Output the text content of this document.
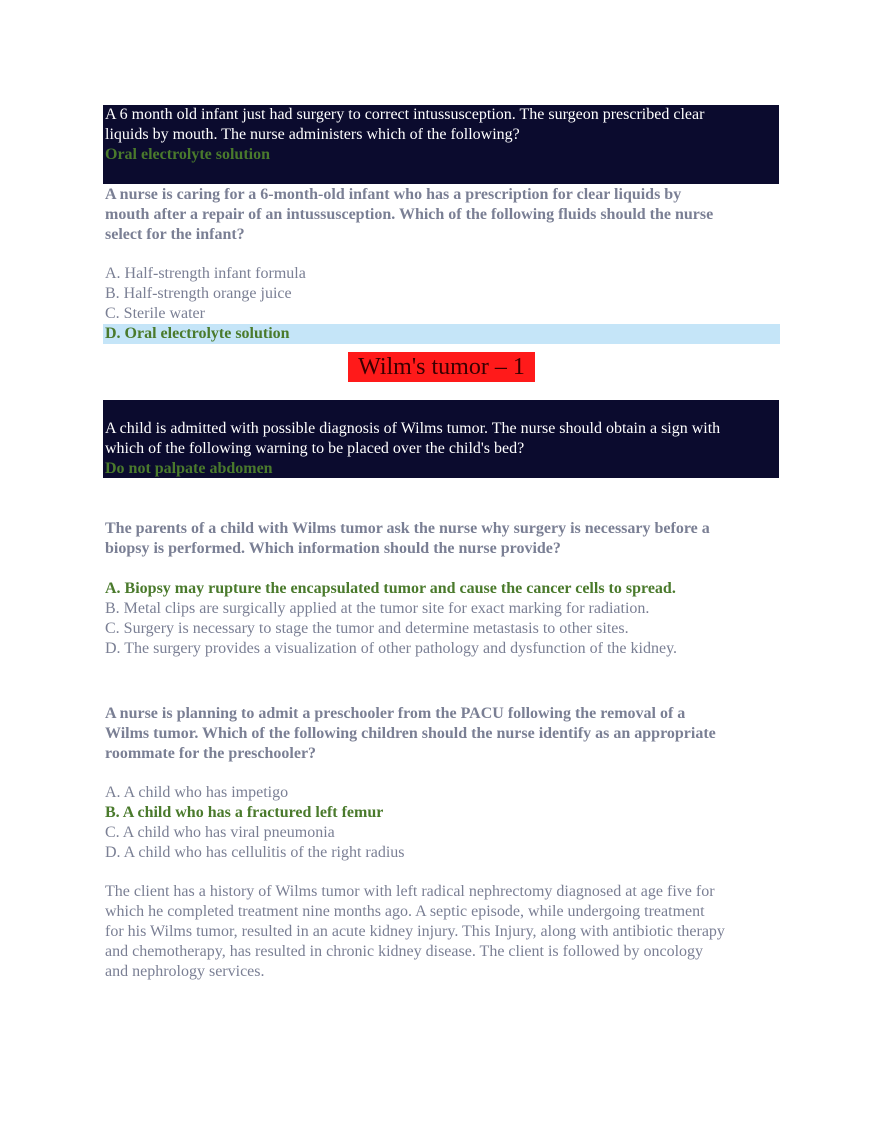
A 6 month old infant just had surgery to correct intussusception. The surgeon prescribed clear
liquids by mouth. The nurse administers which of the following?
Oral electrolyte solution
A nurse is caring for a 6-month-old infant who has a prescription for clear liquids by
mouth after a repair of an intussusception. Which of the following fluids should the nurse
select for the infant?
A. Half-strength infant formula
B. Half-strength orange juice
C. Sterile water
D. Oral electrolyte solution
Wilm's tumor – 1
A child is admitted with possible diagnosis of Wilms tumor. The nurse should obtain a sign with
which of the following warning to be placed over the child's bed?
Do not palpate abdomen
The parents of a child with Wilms tumor ask the nurse why surgery is necessary before a
biopsy is performed. Which information should the nurse provide?
A. Biopsy may rupture the encapsulated tumor and cause the cancer cells to spread.
B. Metal clips are surgically applied at the tumor site for exact marking for radiation.
C. Surgery is necessary to stage the tumor and determine metastasis to other sites.
D. The surgery provides a visualization of other pathology and dysfunction of the kidney.
A nurse is planning to admit a preschooler from the PACU following the removal of a
Wilms tumor. Which of the following children should the nurse identify as an appropriate
roommate for the preschooler?
A. A child who has impetigo
B. A child who has a fractured left femur
C. A child who has viral pneumonia
D. A child who has cellulitis of the right radius
The client has a history of Wilms tumor with left radical nephrectomy diagnosed at age five for
which he completed treatment nine months ago. A septic episode, while undergoing treatment
for his Wilms tumor, resulted in an acute kidney injury. This Injury, along with antibiotic therapy
and chemotherapy, has resulted in chronic kidney disease. The client is followed by oncology
and nephrology services.
